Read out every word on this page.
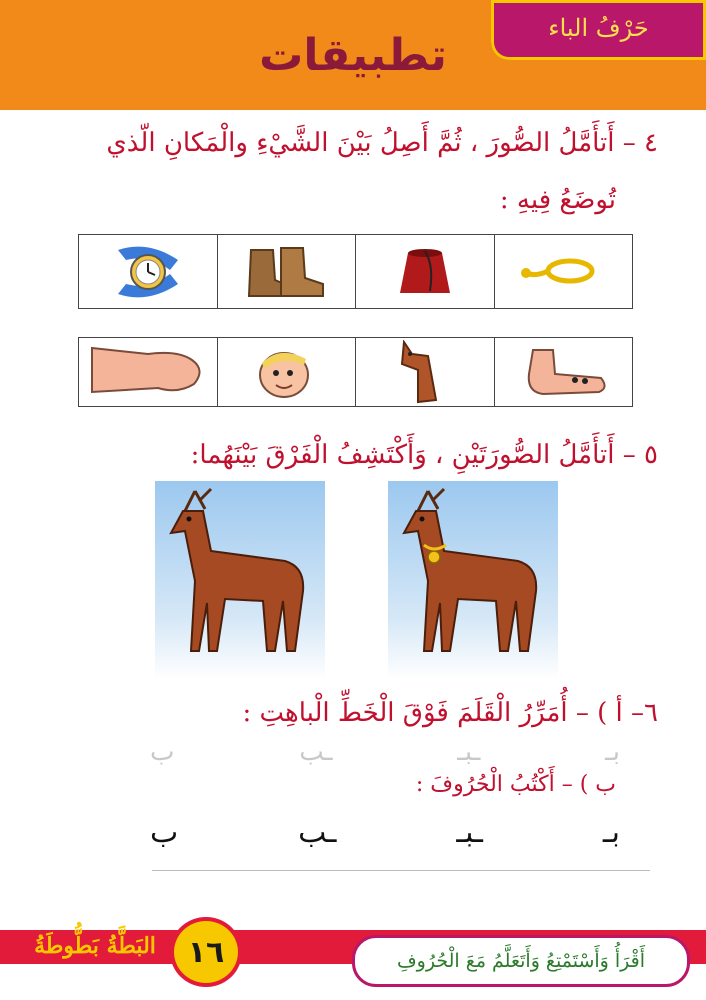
تطبيقات
حَرْفُ الباء
٤ – أَتأَمَّلُ الصُّورَ ، ثُمَّ أَصِلُ بَيْنَ الشَّيْءِ والْمَكانِ الّذي
تُوضَعُ فِيهِ :
٥ – أَتأَمَّلُ الصُّورَتَيْنِ ، وَأَكْتَشِفُ الْفَرْقَ بَيْنَهُما:
٦– أ ) – أُمَرِّرُ الْقَلَمَ فَوْقَ الْخَطِّ الْباهِتِ :
بـ
ـبـ
ـب
ب
ب ) – أَكْتُبُ الْحُرُوفَ :
بـ
ـبـ
ـب
ب
البَطَّةُ بَطُّوطَةُ	١٦	أَقْرَأُ وَأَسْتَمْتِعُ وَأَتَعَلَّمُ مَعَ الْحُرُوفِ
